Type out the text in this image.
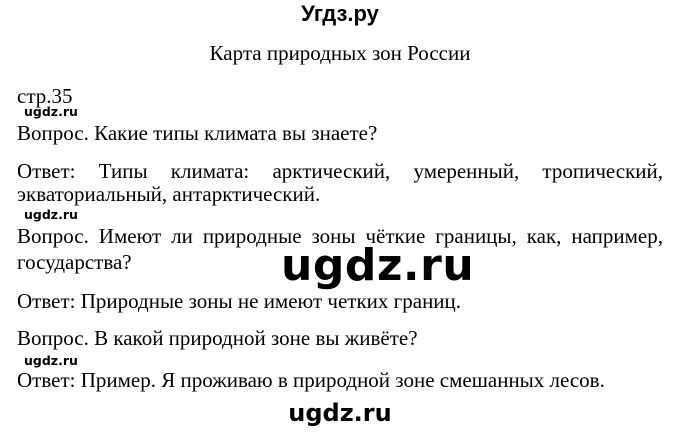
Угдз.ру
Карта природных зон России
стр.35
ugdz.ru
Вопрос. Какие типы климата вы знаете?
Ответ: Типы климата: арктический, умеренный, тропический,
экваториальный, антарктический.
ugdz.ru
Вопрос. Имеют ли природные зоны чёткие границы, как, например,
государства?	ugdz.ru
Ответ: Природные зоны не имеют четких границ.
Вопрос. В какой природной зоне вы живёте?
ugdz.ru
Ответ: Пример. Я проживаю в природной зоне смешанных лесов.
ugdz.ru
